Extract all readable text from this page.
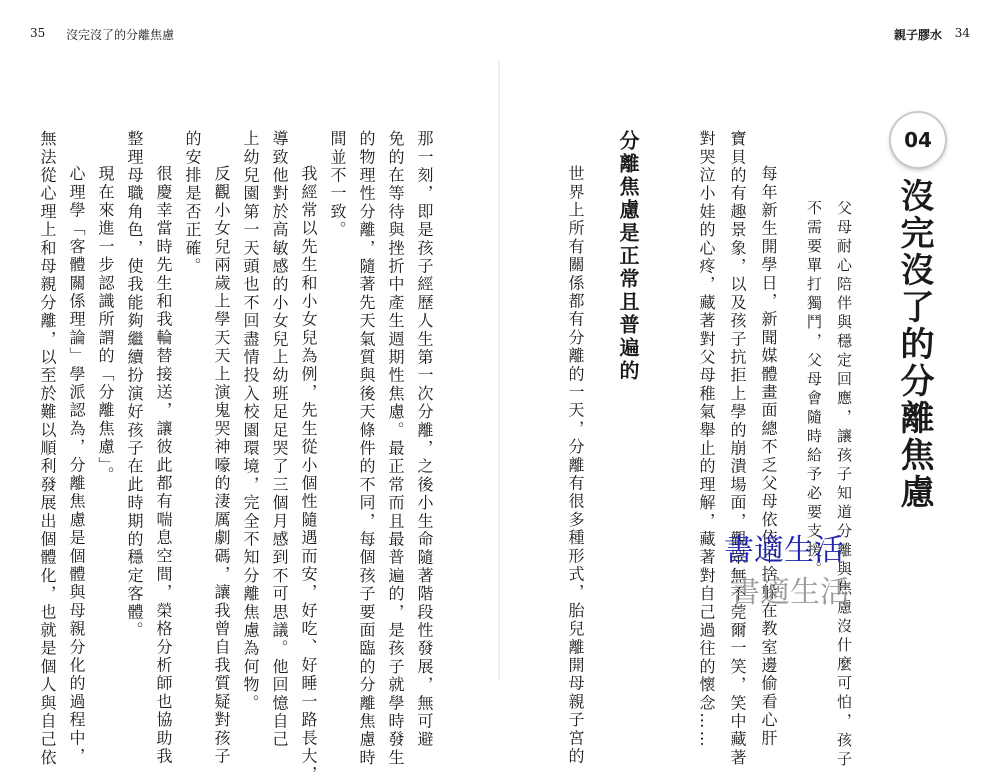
35 沒完沒了的分離焦慮	親子膠水 34
04
沒完沒了的分離焦慮
父母耐心陪伴與穩定回應，讓孩子知道分離與焦慮沒什麼可怕，孩子
不需要單打獨鬥，父母會隨時給予必要支援。
每年新生開學日，新聞媒體畫面總不乏父母依依不捨躲在教室邊偷看心肝
寶貝的有趣景象，以及孩子抗拒上學的崩潰場面，觀眾無不莞爾一笑，笑中藏著
對哭泣小娃的心疼，藏著對父母稚氣舉止的理解，藏著對自己過往的懷念……
分離焦慮是正常且普遍的
世界上所有關係都有分離的一天，分離有很多種形式，胎兒離開母親子宮的
那一刻，即是孩子經歷人生第一次分離，之後小生命隨著階段性發展，無可避
免的在等待與挫折中產生週期性焦慮。最正常而且最普遍的，是孩子就學時發生
的物理性分離，隨著先天氣質與後天條件的不同，每個孩子要面臨的分離焦慮時
間並不一致。
我經常以先生和小女兒為例，先生從小個性隨遇而安，好吃、好睡一路長大，
導致他對於高敏感的小女兒上幼班足足哭了三個月感到不可思議。他回憶自己
上幼兒園第一天頭也不回盡情投入校園環境，完全不知分離焦慮為何物。
反觀小女兒兩歲上學天天上演鬼哭神嚎的淒厲劇碼，讓我曾自我質疑對孩子
的安排是否正確。
很慶幸當時先生和我輪替接送，讓彼此都有喘息空間，榮格分析師也協助我
整理母職角色，使我能夠繼續扮演好孩子在此時期的穩定客體。
現在來進一步認識所謂的「分離焦慮」。
心理學「客體關係理論」學派認為，分離焦慮是個體與母親分化的過程中，
無法從心理上和母親分離，以至於難以順利發展出個體化，也就是個人與自己依	書適生活
書適生活
